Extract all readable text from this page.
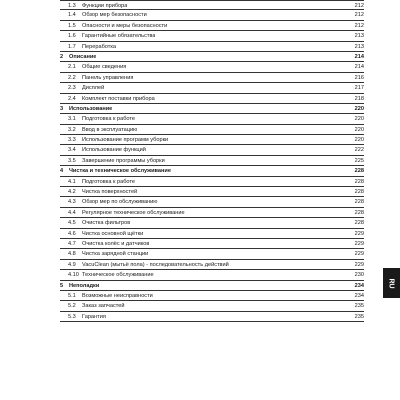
1.3 Функции прибора	212
1.4 Обзор мер безопасности	212
1.5 Опасности и меры безопасности	212
1.6 Гарантийные обязательства	213
1.7 Переработка	213
2 Описание	214
2.1 Общие сведения	214
2.2 Панель управления	216
2.3 Дисплей	217
2.4 Комплект поставки прибора	218
3 Использование	220
3.1 Подготовка к работе	220
3.2 Ввод в эксплуатацию	220
3.3 Использование программ уборки	220
3.4 Использование функций	222
3.5 Завершение программы уборки	225
4 Чистка и техническое обслуживание	228
4.1 Подготовка к работе	228
4.2 Чистка поверхностей	228
4.3 Обзор мер по обслуживанию	228
4.4 Регулярное техническое обслуживание	228
4.5 Очистка фильтров	228
4.6 Чистка основной щётки	229
4.7 Очистка колёс и датчиков	229
4.8 Чистка зарядной станции	229
4.9 VacuClean (мытьё пола) - последовательность действий	229
4.10 Техническое обслуживание	230
5 Неполадки	234
5.1 Возможные неисправности	234
5.2 Заказ запчастей	235
5.3 Гарантия	235
RU
